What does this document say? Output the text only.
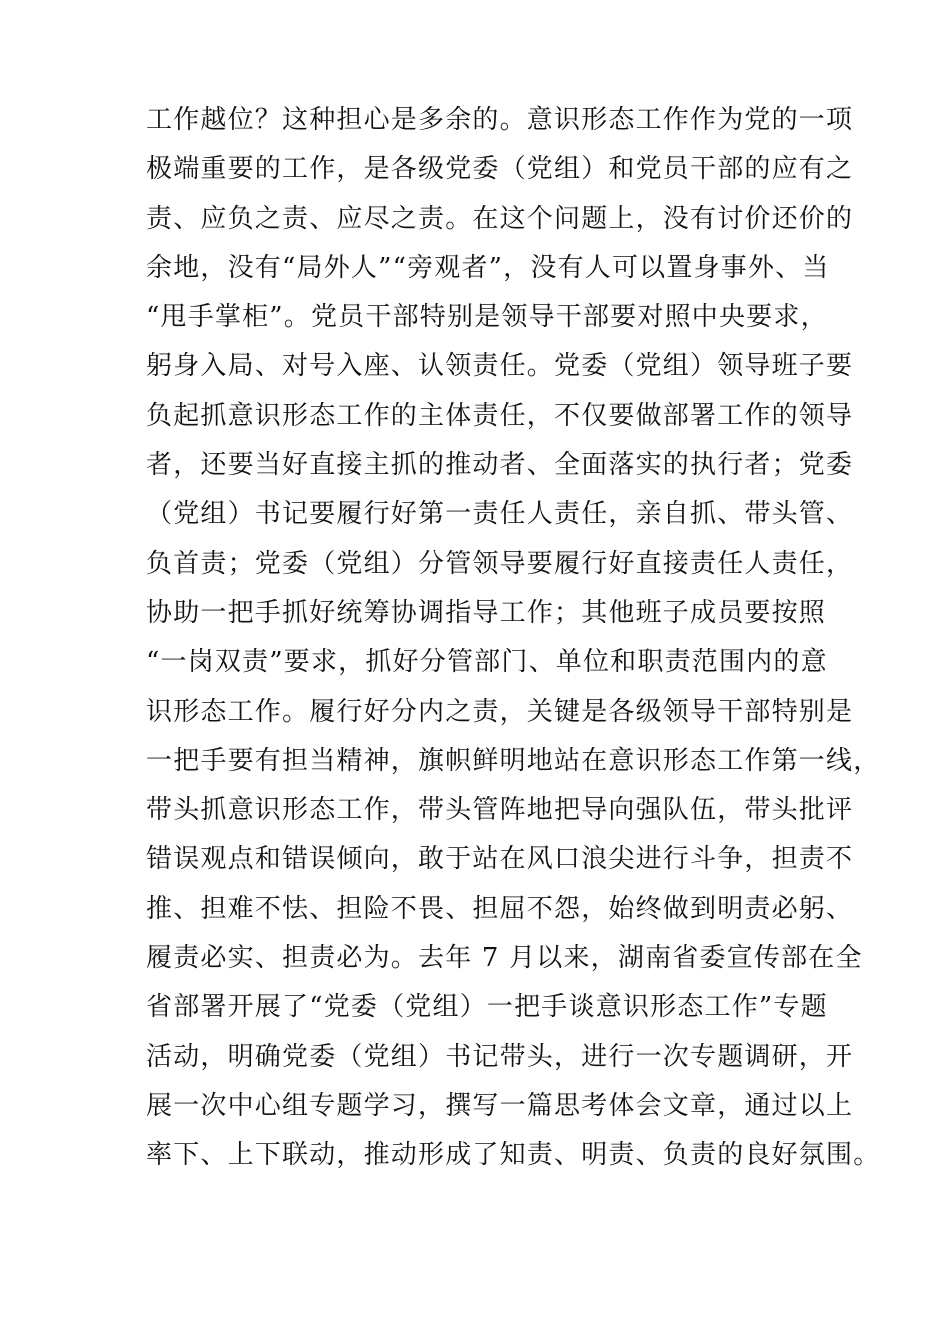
工作越位？这种担心是多余的。意识形态工作作为党的一项
极端重要的工作，是各级党委（党组）和党员干部的应有之
责、应负之责、应尽之责。在这个问题上，没有讨价还价的
余地，没有“局外人”“旁观者”，没有人可以置身事外、当
“甩手掌柜”。党员干部特别是领导干部要对照中央要求，
躬身入局、对号入座、认领责任。党委（党组）领导班子要
负起抓意识形态工作的主体责任，不仅要做部署工作的领导
者，还要当好直接主抓的推动者、全面落实的执行者；党委
（党组）书记要履行好第一责任人责任，亲自抓、带头管、
负首责；党委（党组）分管领导要履行好直接责任人责任，
协助一把手抓好统筹协调指导工作；其他班子成员要按照
“一岗双责”要求，抓好分管部门、单位和职责范围内的意
识形态工作。履行好分内之责，关键是各级领导干部特别是
一把手要有担当精神，旗帜鲜明地站在意识形态工作第一线，
带头抓意识形态工作，带头管阵地把导向强队伍，带头批评
错误观点和错误倾向，敢于站在风口浪尖进行斗争，担责不
推、担难不怯、担险不畏、担屈不怨，始终做到明责必躬、
履责必实、担责必为。去年 7 月以来，湖南省委宣传部在全
省部署开展了“党委（党组）一把手谈意识形态工作”专题
活动，明确党委（党组）书记带头，进行一次专题调研，开
展一次中心组专题学习，撰写一篇思考体会文章，通过以上
率下、上下联动，推动形成了知责、明责、负责的良好氛围。
